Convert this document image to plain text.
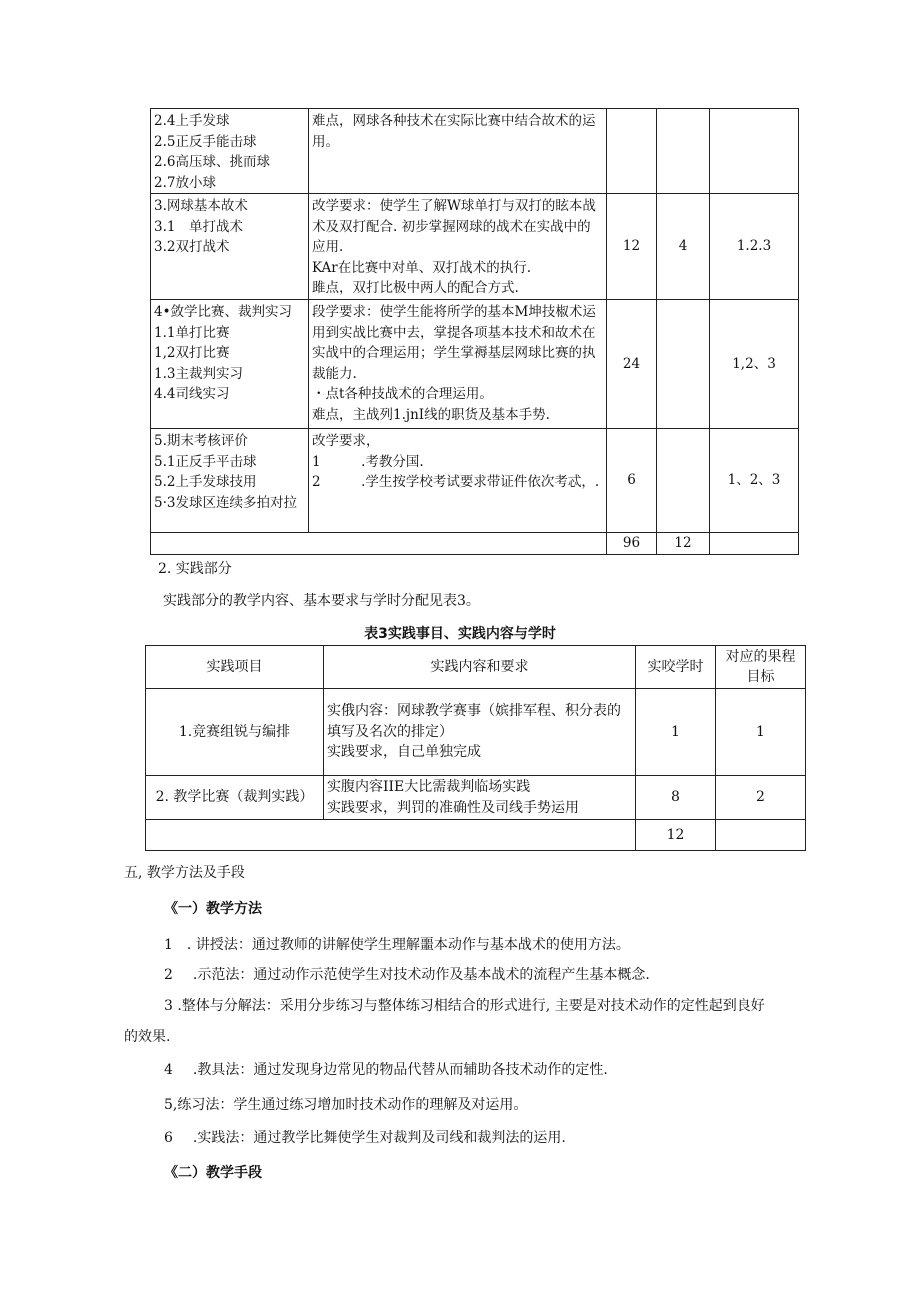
2.4上手发球
2.5正反手能击球
2.6高压球、挑而球
2.7放小球	难点，网球各种技术在实际比赛中结合故术的运用。			

3.网球基本故术
3.1　单打战术
3.2双打战术	改学要求：使学生了解W球单打与双打的眩本战术及双打配合. 初步掌握网球的战术在实战中的应用.
KAr在比赛中对单、双打战术的执行.
雎点，双打比极中两人的配合方式.	12	4	1.2.3

4•敛学比赛、裁判实习
1.1单打比赛
1,2双打比赛
1.3主裁判实习
4.4司线实习	段学要求：使学生能将所学的基本M坤技椒术运用到实战比赛中去，掌提各项基本技术和故术在实战中的合理运用；学生掌褥基层网球比赛的执裁能力.
・点t各种技战术的合理运用。
难点，主战列1.jnI线的职货及基本手势.	24		1,2、3

5.期末考核评价
5.1正反手平击球
5.2上手发球技用
5·3发球区连续多拍对拉	改学要求，
1　　　.考教分国.
2　　　.学生按学校考试要求带证件依次考忒，.	6		1、2、3
		96	12	
2. 实践部分
实践部分的教学内容、基本要求与学时分配见表3。
表3实践事目、实践内容与学时
实践项目	实践内容和要求	实咬学时	对应的果程目标
1.竞赛组锐与编排	实俄内容：网球教学赛事（嫔排军程、积分表的填写及名次的排定）
实践要求，自己单独完成	1	1
2. 教学比赛（裁判实践）	实腹内容IIE大比需裁判临场实践
实践要求，判罚的准确性及司线手势运用	8	2
		12	
五, 教学方法及手段
《一）教学方法
1 . 讲授法：通过教师的讲解使学生理解噩本动作与基本战术的使用方法。
2 .示范法：通过动作示范使学生对技术动作及基本战术的流程产生基本概念.
3 .整体与分解法：采用分步练习与整体练习相结合的形式进行, 主要是对技术动作的定性起到良好
的效果.
4 .教具法：通过发现身边常见的物品代替从而辅助各技术动作的定性.
5,练习法：学生通过练习增加时技术动作的理解及对运用。
6 .实践法：通过教学比舞使学生对裁判及司线和裁判法的运用.
《二）教学手段
